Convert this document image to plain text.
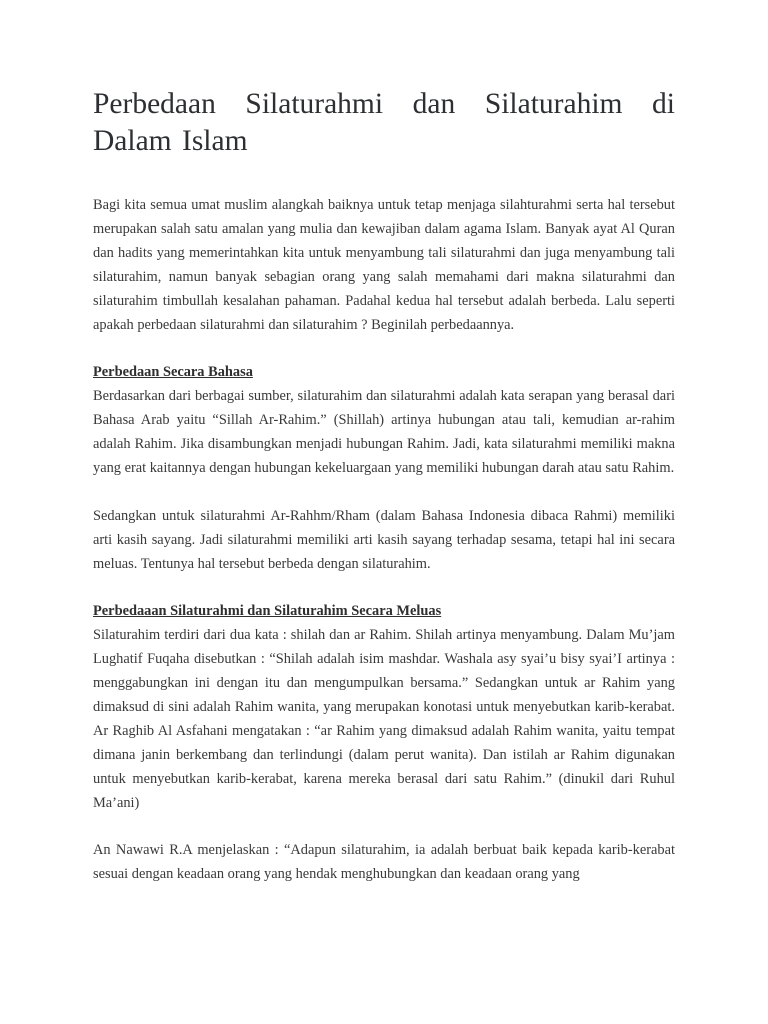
Perbedaan Silaturahmi dan Silaturahim di Dalam Islam

Bagi kita semua umat muslim alangkah baiknya untuk tetap menjaga silahturahmi serta hal tersebut merupakan salah satu amalan yang mulia dan kewajiban dalam agama Islam. Banyak ayat Al Quran dan hadits yang memerintahkan kita untuk menyambung tali silaturahmi dan juga menyambung tali silaturahim, namun banyak sebagian orang yang salah memahami dari makna silaturahmi dan silaturahim timbullah kesalahan pahaman. Padahal kedua hal tersebut adalah berbeda. Lalu seperti apakah perbedaan silaturahmi dan silaturahim ? Beginilah perbedaannya.

Perbedaan Secara Bahasa

Berdasarkan dari berbagai sumber, silaturahim dan silaturahmi adalah kata serapan yang berasal dari Bahasa Arab yaitu “Sillah Ar-Rahim.” (Shillah) artinya hubungan atau tali, kemudian ar-rahim adalah Rahim. Jika disambungkan menjadi hubungan Rahim. Jadi, kata silaturahmi memiliki makna yang erat kaitannya dengan hubungan kekeluargaan yang memiliki hubungan darah atau satu Rahim.

Sedangkan untuk silaturahmi Ar-Rahhm/Rham (dalam Bahasa Indonesia dibaca Rahmi) memiliki arti kasih sayang. Jadi silaturahmi memiliki arti kasih sayang terhadap sesama, tetapi hal ini secara meluas. Tentunya hal tersebut berbeda dengan silaturahim.

Perbedaaan Silaturahmi dan Silaturahim Secara Meluas

Silaturahim terdiri dari dua kata : shilah dan ar Rahim. Shilah artinya menyambung. Dalam Mu’jam Lughatif Fuqaha disebutkan : “Shilah adalah isim mashdar. Washala asy syai’u bisy syai’I artinya : menggabungkan ini dengan itu dan mengumpulkan bersama.” Sedangkan untuk ar Rahim yang dimaksud di sini adalah Rahim wanita, yang merupakan konotasi untuk menyebutkan karib-kerabat. Ar Raghib Al Asfahani mengatakan : “ar Rahim yang dimaksud adalah Rahim wanita, yaitu tempat dimana janin berkembang dan terlindungi (dalam perut wanita). Dan istilah ar Rahim digunakan untuk menyebutkan karib-kerabat, karena mereka berasal dari satu Rahim.” (dinukil dari Ruhul Ma’ani)

An Nawawi R.A menjelaskan : “Adapun silaturahim, ia adalah berbuat baik kepada karib-kerabat sesuai dengan keadaan orang yang hendak menghubungkan dan keadaan orang yang
